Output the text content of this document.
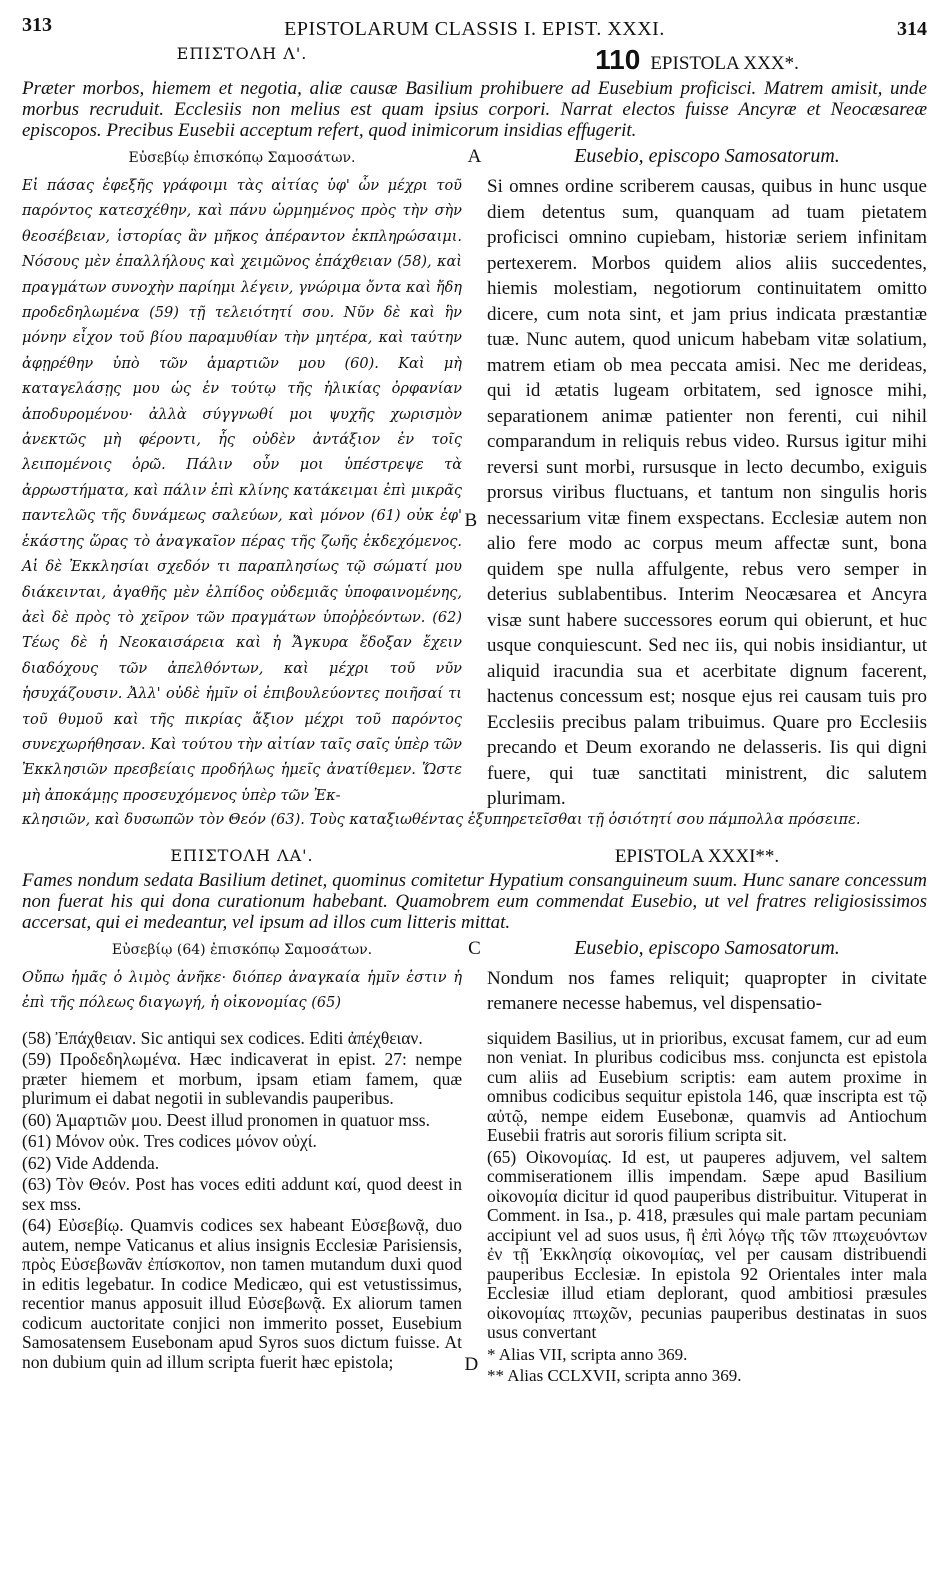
313	EPISTOLARUM CLASSIS I. EPIST. XXXI.	314
ΕΠΙΣΤΟΛΗ Λ'.	110 EPISTOLA XXX*.
Præter morbos, hiemem et negotia, aliæ causæ Basilium prohibuere ad Eusebium proficisci. Matrem amisit, unde morbus recruduit. Ecclesiis non melius est quam ipsius corpori. Narrat electos fuisse Ancyræ et Neocæsareæ episcopos. Precibus Eusebii acceptum refert, quod inimicorum insidias effugerit.
Εὐσεβίῳ ἐπισκόπῳ Σαμοσάτων.	A	Eusebio, episcopo Samosatorum.
Εἰ πάσας ἐφεξῆς γράφοιμι τὰς αἰτίας ὑφ' ὧν μέχρι τοῦ παρόντος κατεσχέθην, καὶ πάνυ ὡρμημένος πρὸς τὴν σὴν θεοσέβειαν, ἱστορίας ἂν μῆκος ἀπέραντον ἐκπληρώσαιμι. Νόσους μὲν ἐπαλλήλους καὶ χειμῶνος ἐπάχθειαν (58), καὶ πραγμάτων συνοχὴν παρίημι λέγειν, γνώριμα ὄντα καὶ ἤδη προδεδηλωμένα (59) τῇ τελειότητί σου. Νῦν δὲ καὶ ἣν μόνην εἶχον τοῦ βίου παραμυθίαν τὴν μητέρα, καὶ ταύτην ἀφῃρέθην ὑπὸ τῶν ἁμαρτιῶν μου (60). Καὶ μὴ καταγελάσῃς μου ὡς ἐν τούτῳ τῆς ἡλικίας ὀρφανίαν ἀποδυρομένου· ἀλλὰ σύγγνωθί μοι ψυχῆς χωρισμὸν ἀνεκτῶς μὴ φέροντι, ἧς οὐδὲν ἀντάξιον ἐν τοῖς λειπομένοις ὁρῶ. Πάλιν οὖν μοι ὑπέστρεψε τὰ ἀρρωστήματα, καὶ πάλιν ἐπὶ κλίνης κατάκειμαι ἐπὶ μικρᾶς παντελῶς τῆς δυνάμεως σαλεύων, καὶ μόνον (61) οὐκ ἐφ' ἑκάστης ὥρας τὸ ἀναγκαῖον πέρας τῆς ζωῆς ἐκδεχόμενος. Αἱ δὲ Ἐκκλησίαι σχεδόν τι παραπλησίως τῷ σώματί μου διάκεινται, ἀγαθῆς μὲν ἐλπίδος οὐδεμιᾶς ὑποφαινομένης, ἀεὶ δὲ πρὸς τὸ χεῖρον τῶν πραγμάτων ὑποῤῥεόντων. (62) Τέως δὲ ἡ Νεοκαισάρεια καὶ ἡ Ἄγκυρα ἔδοξαν ἔχειν διαδόχους τῶν ἀπελθόντων, καὶ μέχρι τοῦ νῦν ἡσυχάζουσιν. Ἀλλ' οὐδὲ ἡμῖν οἱ ἐπιβουλεύοντες ποιῆσαί τι τοῦ θυμοῦ καὶ τῆς πικρίας ἄξιον μέχρι τοῦ παρόντος συνεχωρήθησαν. Καὶ τούτου τὴν αἰτίαν ταῖς σαῖς ὑπὲρ τῶν Ἐκκλησιῶν πρεσβείαις προδήλως ἡμεῖς ἀνατίθεμεν. Ὥστε μὴ ἀποκάμῃς προσευχόμενος ὑπὲρ τῶν Ἐκ-
B
Si omnes ordine scriberem causas, quibus in hunc usque diem detentus sum, quanquam ad tuam pietatem proficisci omnino cupiebam, historiæ seriem infinitam pertexerem. Morbos quidem alios aliis succedentes, hiemis molestiam, negotiorum continuitatem omitto dicere, cum nota sint, et jam prius indicata præstantiæ tuæ. Nunc autem, quod unicum habebam vitæ solatium, matrem etiam ob mea peccata amisi. Nec me derideas, qui id ætatis lugeam orbitatem, sed ignosce mihi, separationem animæ patienter non ferenti, cui nihil comparandum in reliquis rebus video. Rursus igitur mihi reversi sunt morbi, rursusque in lecto decumbo, exiguis prorsus viribus fluctuans, et tantum non singulis horis necessarium vitæ finem exspectans. Ecclesiæ autem non alio fere modo ac corpus meum affectæ sunt, bona quidem spe nulla affulgente, rebus vero semper in deterius sublabentibus. Interim Neocæsarea et Ancyra visæ sunt habere successores eorum qui obierunt, et huc usque conquiescunt. Sed nec iis, qui nobis insidiantur, ut aliquid iracundia sua et acerbitate dignum facerent, hactenus concessum est; nosque ejus rei causam tuis pro Ecclesiis precibus palam tribuimus. Quare pro Ecclesiis precando et Deum exorando ne delasseris. Iis qui digni fuere, qui tuæ sanctitati ministrent, dic salutem plurimam.
κλησιῶν, καὶ δυσωπῶν τὸν Θεόν (63). Τοὺς καταξιωθέντας ἐξυπηρετεῖσθαι τῇ ὁσιότητί σου πάμπολλα πρόσειπε.
ΕΠΙΣΤΟΛΗ ΛΑ'.	EPISTOLA XXXI**.
Fames nondum sedata Basilium detinet, quominus comitetur Hypatium consanguineum suum. Hunc sanare concessum non fuerat his qui dona curationum habebant. Quamobrem eum commendat Eusebio, ut vel fratres religiosissimos accersat, qui ei medeantur, vel ipsum ad illos cum litteris mittat.
Εὐσεβίῳ (64) ἐπισκόπῳ Σαμοσάτων.	C	Eusebio, episcopo Samosatorum.
Οὔπω ἡμᾶς ὁ λιμὸς ἀνῆκε· διόπερ ἀναγκαία ἡμῖν ἐστιν ἡ ἐπὶ τῆς πόλεως διαγωγή, ἡ οἰκονομίας (65)
Nondum nos fames reliquit; quapropter in civitate remanere necesse habemus, vel dispensatio-

(58) Ἐπάχθειαν. Sic antiqui sex codices. Editi ἀπέχθειαν.

(59) Προδεδηλωμένα. Hæc indicaverat in epist. 27: nempe præter hiemem et morbum, ipsam etiam famem, quæ plurimum ei dabat negotii in sublevandis pauperibus.

(60) Ἁμαρτιῶν μου. Deest illud pronomen in quatuor mss.

(61) Μόνον οὐκ. Tres codices μόνον οὐχί.

(62) Vide Addenda.

(63) Τὸν Θεόν. Post has voces editi addunt καί, quod deest in sex mss.

(64) Εὐσεβίῳ. Quamvis codices sex habeant Εὐσεβωνᾷ, duo autem, nempe Vaticanus et alius insignis Ecclesiæ Parisiensis, πρὸς Εὐσεβωνᾶν ἐπίσκοπον, non tamen mutandum duxi quod in editis legebatur. In codice Medicæo, qui est vetustissimus, recentior manus apposuit illud Εὐσεβωνᾷ. Ex aliorum tamen codicum auctoritate conjici non immerito posset, Eusebium Samosatensem Eusebonam apud Syros suos dictum fuisse. At non dubium quin ad illum scripta fuerit hæc epistola;	D

siquidem Basilius, ut in prioribus, excusat famem, cur ad eum non veniat. In pluribus codicibus mss. conjuncta est epistola cum aliis ad Eusebium scriptis: eam autem proxime in omnibus codicibus sequitur epistola 146, quæ inscripta est τῷ αὐτῷ, nempe eidem Eusebonæ, quamvis ad Antiochum Eusebii fratris aut sororis filium scripta sit.

(65) Οἰκονομίας. Id est, ut pauperes adjuvem, vel saltem commiserationem illis impendam. Sæpe apud Basilium οἰκονομία dicitur id quod pauperibus distribuitur. Vituperat in Comment. in Isa., p. 418, præsules qui male partam pecuniam accipiunt vel ad suos usus, ἢ ἐπὶ λόγῳ τῆς τῶν πτωχευόντων ἐν τῇ Ἐκκλησίᾳ οἰκονομίας, vel per causam distribuendi pauperibus Ecclesiæ. In epistola 92 Orientales inter mala Ecclesiæ illud etiam deplorant, quod ambitiosi præsules οἰκονομίας πτωχῶν, pecunias pauperibus destinatas in suos usus convertant

* Alias VII, scripta anno 369.

** Alias CCLXVII, scripta anno 369.
